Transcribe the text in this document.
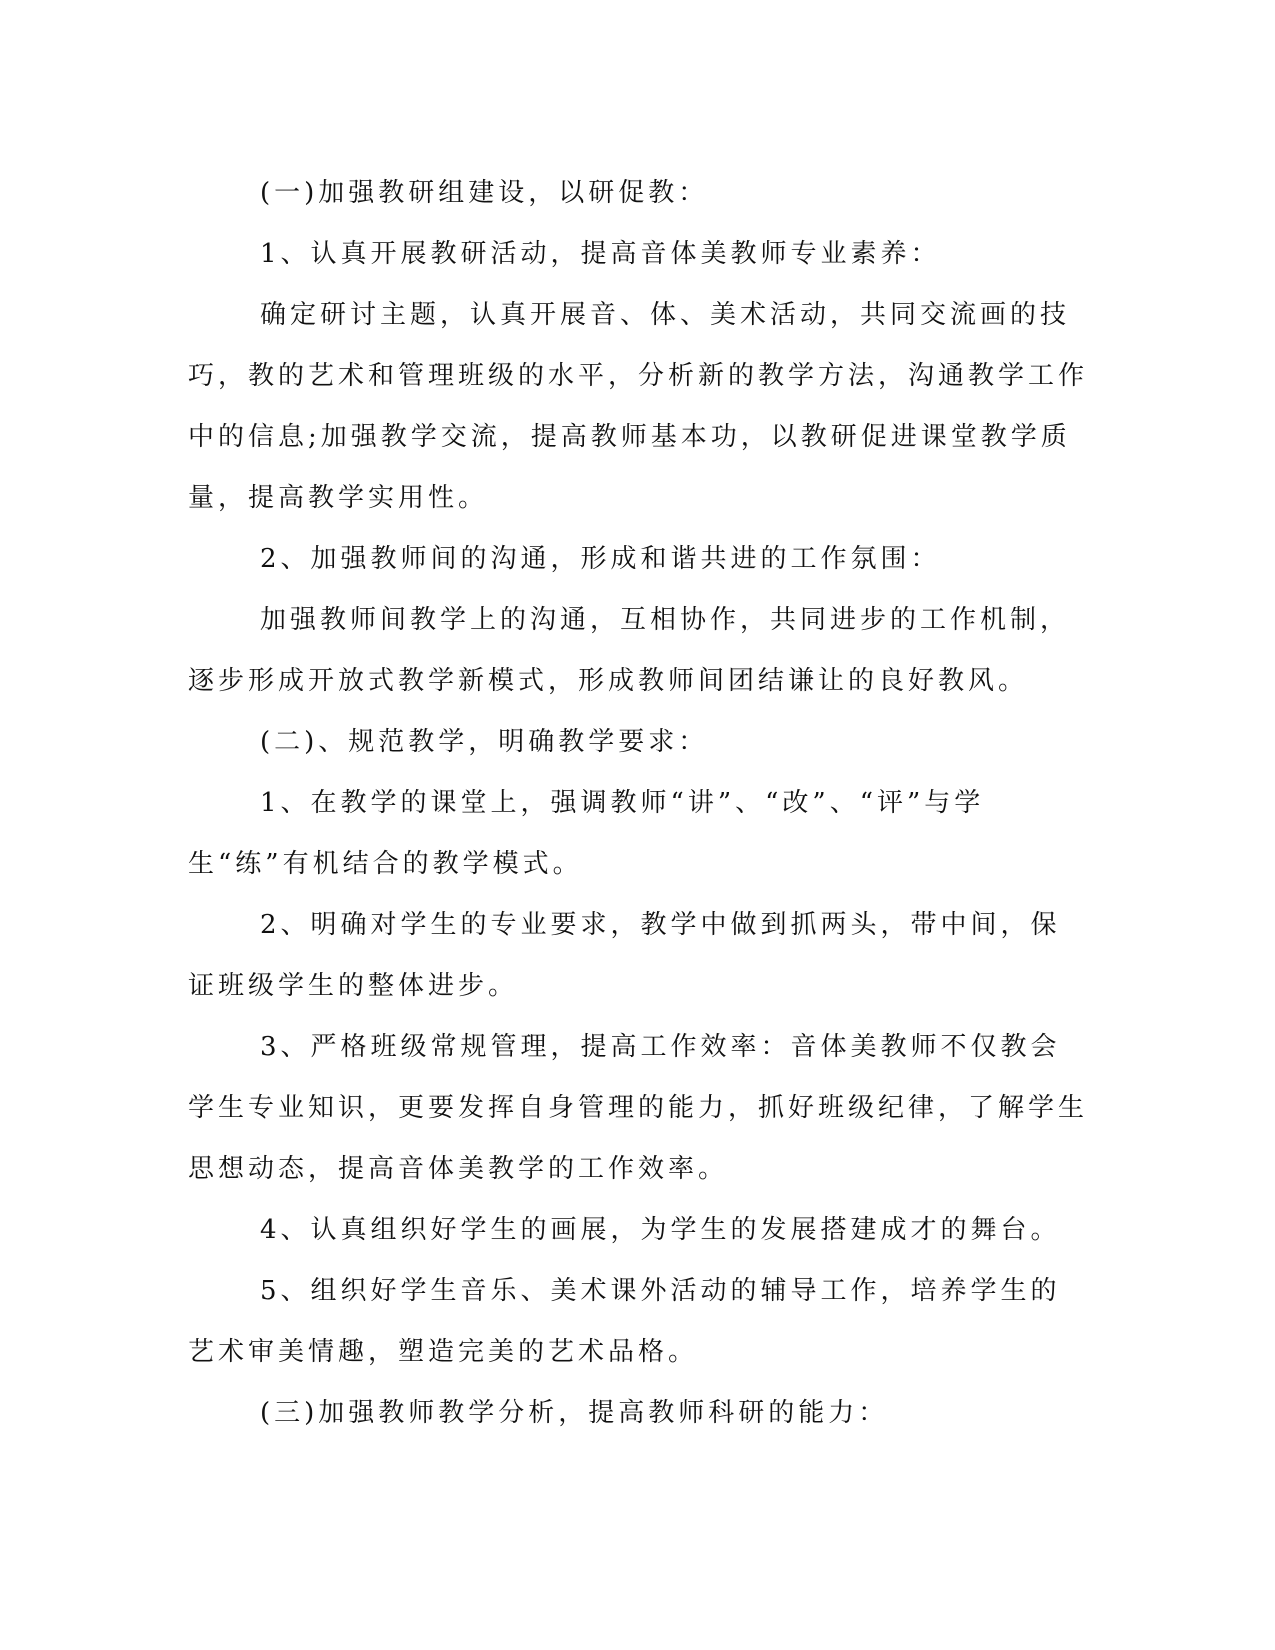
(一)加强教研组建设，以研促教：

1、认真开展教研活动，提高音体美教师专业素养：

确定研讨主题，认真开展音、体、美术活动，共同交流画的技巧，教的艺术和管理班级的水平，分析新的教学方法，沟通教学工作中的信息;加强教学交流，提高教师基本功，以教研促进课堂教学质量，提高教学实用性。

2、加强教师间的沟通，形成和谐共进的工作氛围：

加强教师间教学上的沟通，互相协作，共同进步的工作机制，逐步形成开放式教学新模式，形成教师间团结谦让的良好教风。

(二)、规范教学，明确教学要求：

1、在教学的课堂上，强调教师“讲”、“改”、“评”与学生“练”有机结合的教学模式。

2、明确对学生的专业要求，教学中做到抓两头，带中间，保证班级学生的整体进步。

3、严格班级常规管理，提高工作效率：音体美教师不仅教会学生专业知识，更要发挥自身管理的能力，抓好班级纪律，了解学生思想动态，提高音体美教学的工作效率。

4、认真组织好学生的画展，为学生的发展搭建成才的舞台。

5、组织好学生音乐、美术课外活动的辅导工作，培养学生的艺术审美情趣，塑造完美的艺术品格。

(三)加强教师教学分析，提高教师科研的能力：
